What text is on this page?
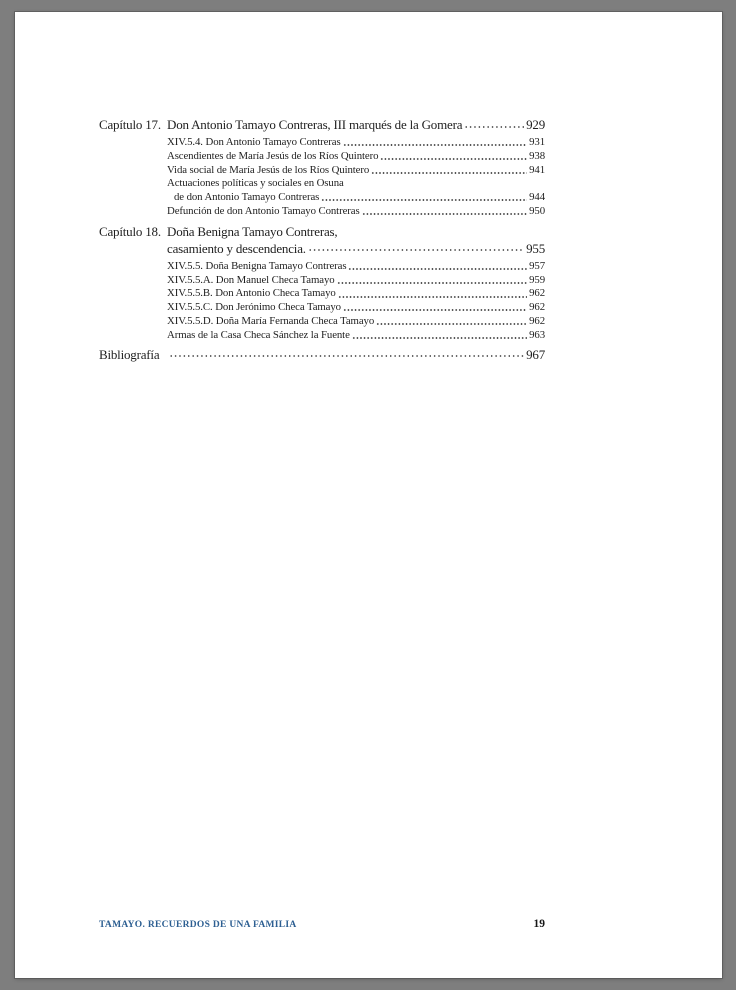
Capítulo 17. Don Antonio Tamayo Contreras, III marqués de la Gomera	929
XIV.5.4. Don Antonio Tamayo Contreras	931
Ascendientes de María Jesús de los Ríos Quintero	938
Vida social de María Jesús de los Ríos Quintero	941
Actuaciones políticas y sociales en Osuna
de don Antonio Tamayo Contreras	944
Defunción de don Antonio Tamayo Contreras	950
Capítulo 18. Doña Benigna Tamayo Contreras,
casamiento y descendencia.	955
XIV.5.5. Doña Benigna Tamayo Contreras	957
XIV.5.5.A. Don Manuel Checa Tamayo	959
XIV.5.5.B. Don Antonio Checa Tamayo	962
XIV.5.5.C. Don Jerónimo Checa Tamayo	962
XIV.5.5.D. Doña María Fernanda Checa Tamayo	962
Armas de la Casa Checa Sánchez la Fuente	963
Bibliografía	967
TAMAYO. RECUERDOS DE UNA FAMILIA	19
